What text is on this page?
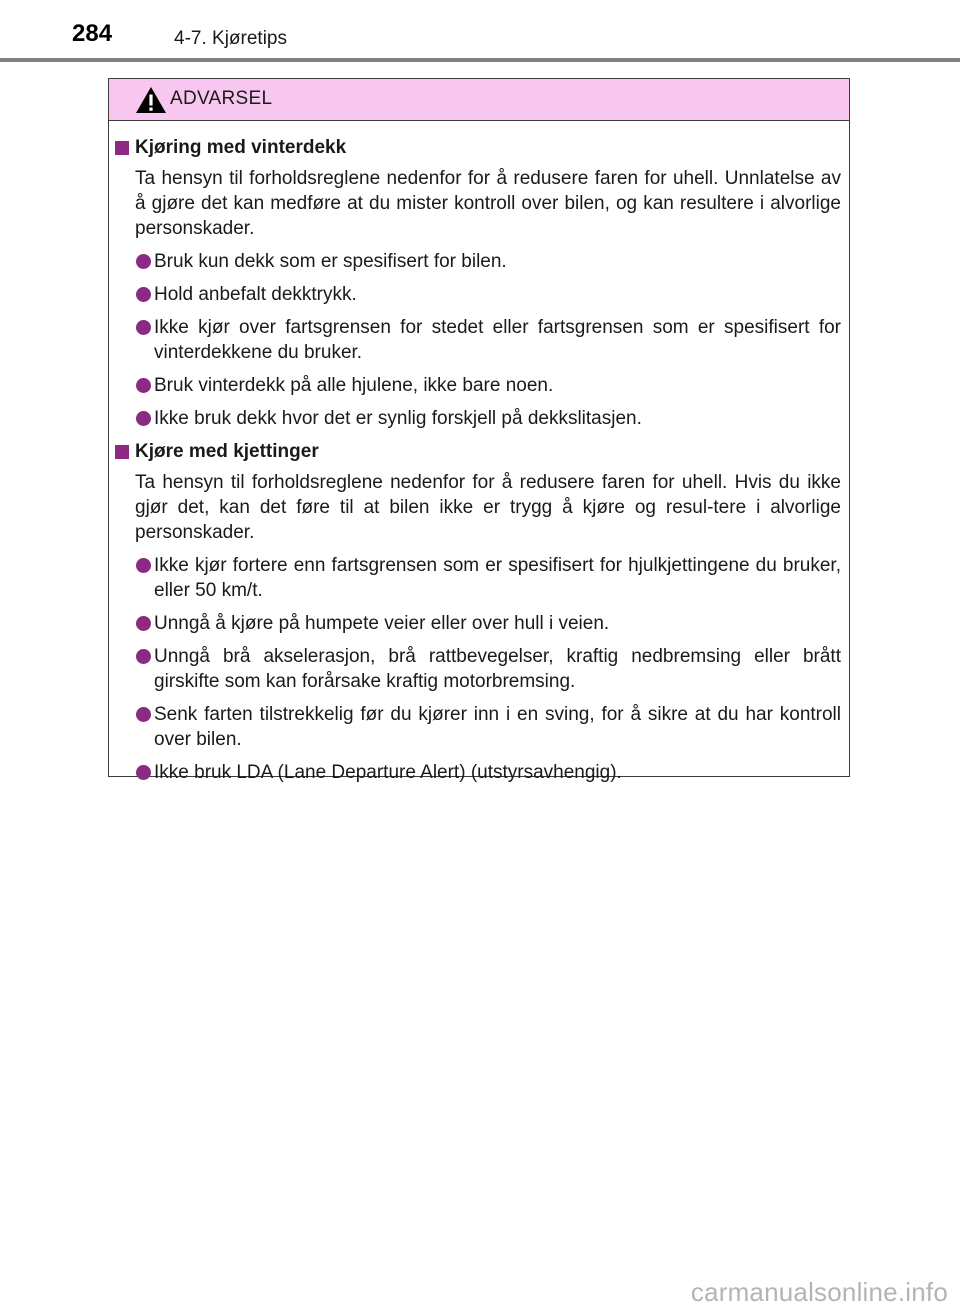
284	4-7. Kjøretips
ADVARSEL
Kjøring med vinterdekk
Ta hensyn til forholdsreglene nedenfor for å redusere faren for uhell. Unnlatelse av å gjøre det kan medføre at du mister kontroll over bilen, og kan resultere i alvorlige personskader.
Bruk kun dekk som er spesifisert for bilen.
Hold anbefalt dekktrykk.
Ikke kjør over fartsgrensen for stedet eller fartsgrensen som er spesifisert for vinterdekkene du bruker.
Bruk vinterdekk på alle hjulene, ikke bare noen.
Ikke bruk dekk hvor det er synlig forskjell på dekkslitasjen.
Kjøre med kjettinger
Ta hensyn til forholdsreglene nedenfor for å redusere faren for uhell. Hvis du ikke gjør det, kan det føre til at bilen ikke er trygg å kjøre og resul-tere i alvorlige personskader.
Ikke kjør fortere enn fartsgrensen som er spesifisert for hjulkjettingene du bruker, eller 50 km/t.
Unngå å kjøre på humpete veier eller over hull i veien.
Unngå brå akselerasjon, brå rattbevegelser, kraftig nedbremsing eller brått girskifte som kan forårsake kraftig motorbremsing.
Senk farten tilstrekkelig før du kjører inn i en sving, for å sikre at du har kontroll over bilen.
Ikke bruk LDA (Lane Departure Alert) (utstyrsavhengig).
carmanualsonline.info
